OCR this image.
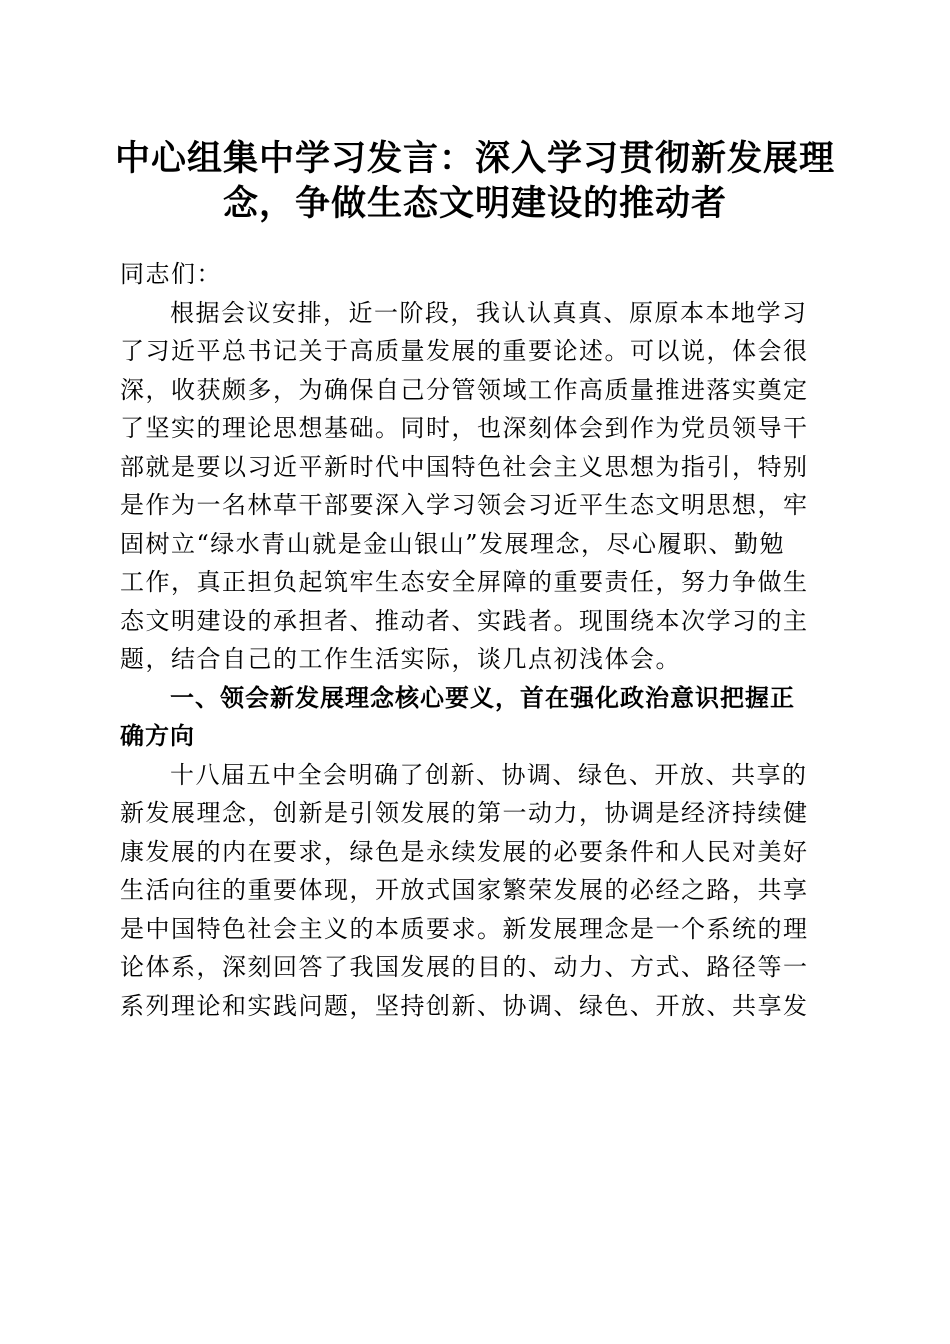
中心组集中学习发言：深入学习贯彻新发展理
念，争做生态文明建设的推动者
同志们：
根据会议安排，近一阶段，我认认真真、原原本本地学习
了习近平总书记关于高质量发展的重要论述。可以说，体会很
深，收获颇多，为确保自己分管领域工作高质量推进落实奠定
了坚实的理论思想基础。同时，也深刻体会到作为党员领导干
部就是要以习近平新时代中国特色社会主义思想为指引，特别
是作为一名林草干部要深入学习领会习近平生态文明思想，牢
固树立“绿水青山就是金山银山”发展理念，尽心履职、勤勉
工作，真正担负起筑牢生态安全屏障的重要责任，努力争做生
态文明建设的承担者、推动者、实践者。现围绕本次学习的主
题，结合自己的工作生活实际，谈几点初浅体会。
一、领会新发展理念核心要义，首在强化政治意识把握正
确方向
十八届五中全会明确了创新、协调、绿色、开放、共享的
新发展理念，创新是引领发展的第一动力，协调是经济持续健
康发展的内在要求，绿色是永续发展的必要条件和人民对美好
生活向往的重要体现，开放式国家繁荣发展的必经之路，共享
是中国特色社会主义的本质要求。新发展理念是一个系统的理
论体系，深刻回答了我国发展的目的、动力、方式、路径等一
系列理论和实践问题，坚持创新、协调、绿色、开放、共享发
